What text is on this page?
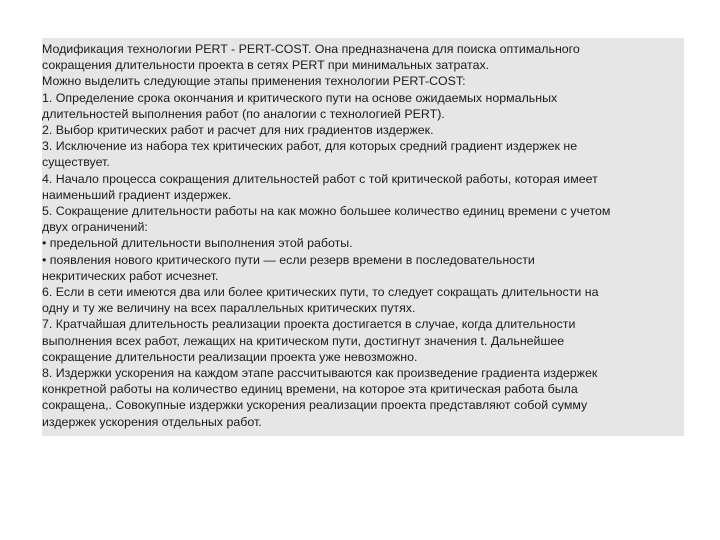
Модификация технологии PERT - PERT-COST. Она предназначена для поиска оптимального
сокращения длительности проекта в сетях PERT при минимальных затратах.
Можно выделить следующие этапы применения технологии PERT-COST:
1. Определение срока окончания и критического пути на основе ожидаемых нормальных
длительностей выполнения работ (по аналогии с технологией PERT).
2. Выбор критических работ и расчет для них градиентов издержек.
3. Исключение из набора тех критических работ, для которых средний градиент издержек не
существует.
4. Начало процесса сокращения длительностей работ с той критической работы, которая имеет
наименьший градиент издержек.
5. Сокращение длительности работы на как можно большее количество единиц времени с учетом
двух ограничений:
• предельной длительности выполнения этой работы.
• появления нового критического пути — если резерв времени в последовательности
некритических работ исчезнет.
6. Если в сети имеются два или более критических пути, то следует сокращать длительности на
одну и ту же величину на всех параллельных критических путях.
7. Кратчайшая длительность реализации проекта достигается в случае, когда длительности
выполнения всех работ, лежащих на критическом пути, достигнут значения t. Дальнейшее
сокращение длительности реализации проекта уже невозможно.
8. Издержки ускорения на каждом этапе рассчитываются как произведение градиента издержек
конкретной работы на количество единиц времени, на которое эта критическая работа была
сокращена,. Совокупные издержки ускорения реализации проекта представляют собой сумму
издержек ускорения отдельных работ.
